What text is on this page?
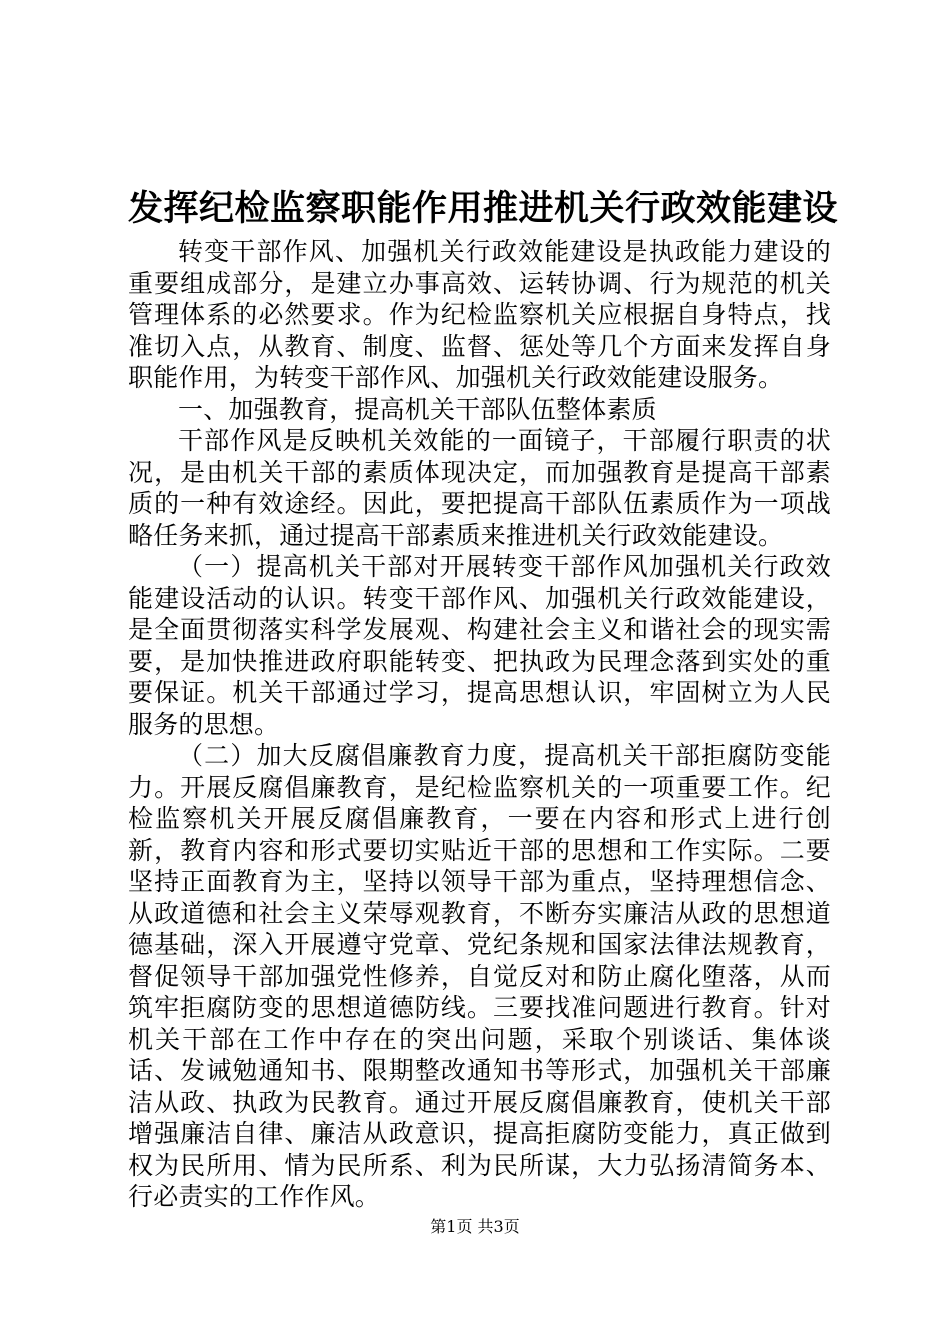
发挥纪检监察职能作用推进机关行政效能建设

转变干部作风、加强机关行政效能建设是执政能力建设的重要组成部分，是建立办事高效、运转协调、行为规范的机关管理体系的必然要求。作为纪检监察机关应根据自身特点，找准切入点，从教育、制度、监督、惩处等几个方面来发挥自身职能作用，为转变干部作风、加强机关行政效能建设服务。

一、加强教育，提高机关干部队伍整体素质

干部作风是反映机关效能的一面镜子，干部履行职责的状况，是由机关干部的素质体现决定，而加强教育是提高干部素质的一种有效途经。因此，要把提高干部队伍素质作为一项战略任务来抓，通过提高干部素质来推进机关行政效能建设。

（一）提高机关干部对开展转变干部作风加强机关行政效能建设活动的认识。转变干部作风、加强机关行政效能建设，是全面贯彻落实科学发展观、构建社会主义和谐社会的现实需要，是加快推进政府职能转变、把执政为民理念落到实处的重要保证。机关干部通过学习，提高思想认识，牢固树立为人民服务的思想。

（二）加大反腐倡廉教育力度，提高机关干部拒腐防变能力。开展反腐倡廉教育，是纪检监察机关的一项重要工作。纪检监察机关开展反腐倡廉教育，一要在内容和形式上进行创新，教育内容和形式要切实贴近干部的思想和工作实际。二要坚持正面教育为主，坚持以领导干部为重点，坚持理想信念、从政道德和社会主义荣辱观教育，不断夯实廉洁从政的思想道德基础，深入开展遵守党章、党纪条规和国家法律法规教育，督促领导干部加强党性修养，自觉反对和防止腐化堕落，从而筑牢拒腐防变的思想道德防线。三要找准问题进行教育。针对机关干部在工作中存在的突出问题，采取个别谈话、集体谈话、发诫勉通知书、限期整改通知书等形式，加强机关干部廉洁从政、执政为民教育。通过开展反腐倡廉教育，使机关干部增强廉洁自律、廉洁从政意识，提高拒腐防变能力，真正做到权为民所用、情为民所系、利为民所谋，大力弘扬清简务本、行必责实的工作作风。

第1页 共3页
